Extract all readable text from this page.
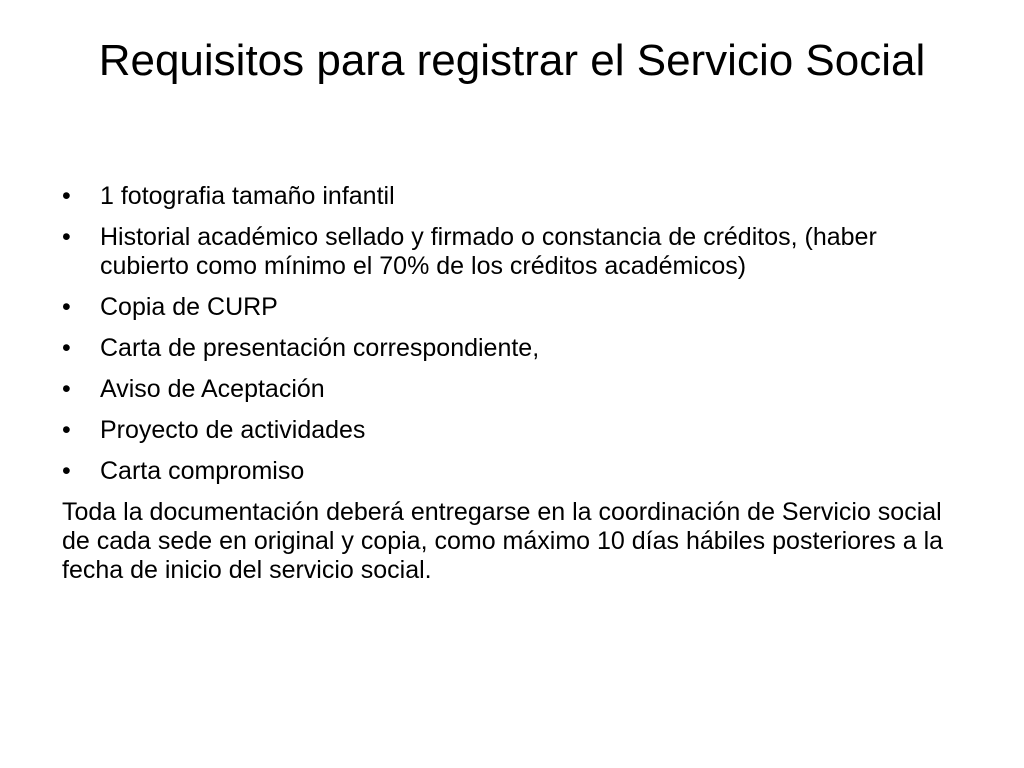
Requisitos para registrar el Servicio Social
• 1 fotografia tamaño infantil
• Historial académico sellado y firmado o constancia de créditos, (haber cubierto como mínimo el 70% de los créditos académicos)
• Copia de CURP
• Carta de presentación correspondiente,
• Aviso de Aceptación
• Proyecto de actividades
• Carta compromiso

Toda la documentación deberá entregarse en la coordinación de Servicio social de cada sede en original y copia, como máximo 10 días hábiles posteriores a la fecha de inicio del servicio social.
